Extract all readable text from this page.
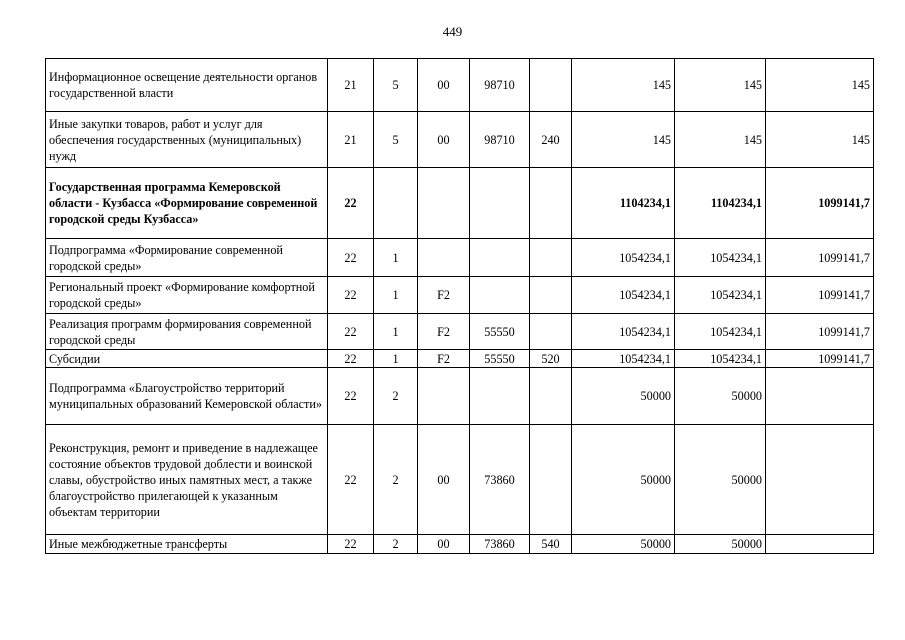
449
Информационное освещение деятельности органов государственной власти	21	5	00	98710		145	145	145
Иные закупки товаров, работ и услуг для обеспечения государственных (муниципальных) нужд	21	5	00	98710	240	145	145	145
Государственная программа Кемеровской области - Кузбасса «Формирование современной городской среды Кузбасса»	22					1104234,1	1104234,1	1099141,7
Подпрограмма «Формирование современной городской среды»	22	1				1054234,1	1054234,1	1099141,7
Региональный проект «Формирование комфортной городской среды»	22	1	F2			1054234,1	1054234,1	1099141,7
Реализация программ формирования современной городской среды	22	1	F2	55550		1054234,1	1054234,1	1099141,7
Субсидии	22	1	F2	55550	520	1054234,1	1054234,1	1099141,7
Подпрограмма «Благоустройство территорий муниципальных образований Кемеровской области»	22	2				50000	50000	
Реконструкция, ремонт и приведение в надлежащее состояние объектов трудовой доблести и воинской славы, обустройство иных памятных мест, а также благоустройство прилегающей к указанным объектам территории	22	2	00	73860		50000	50000	
Иные межбюджетные трансферты	22	2	00	73860	540	50000	50000	
